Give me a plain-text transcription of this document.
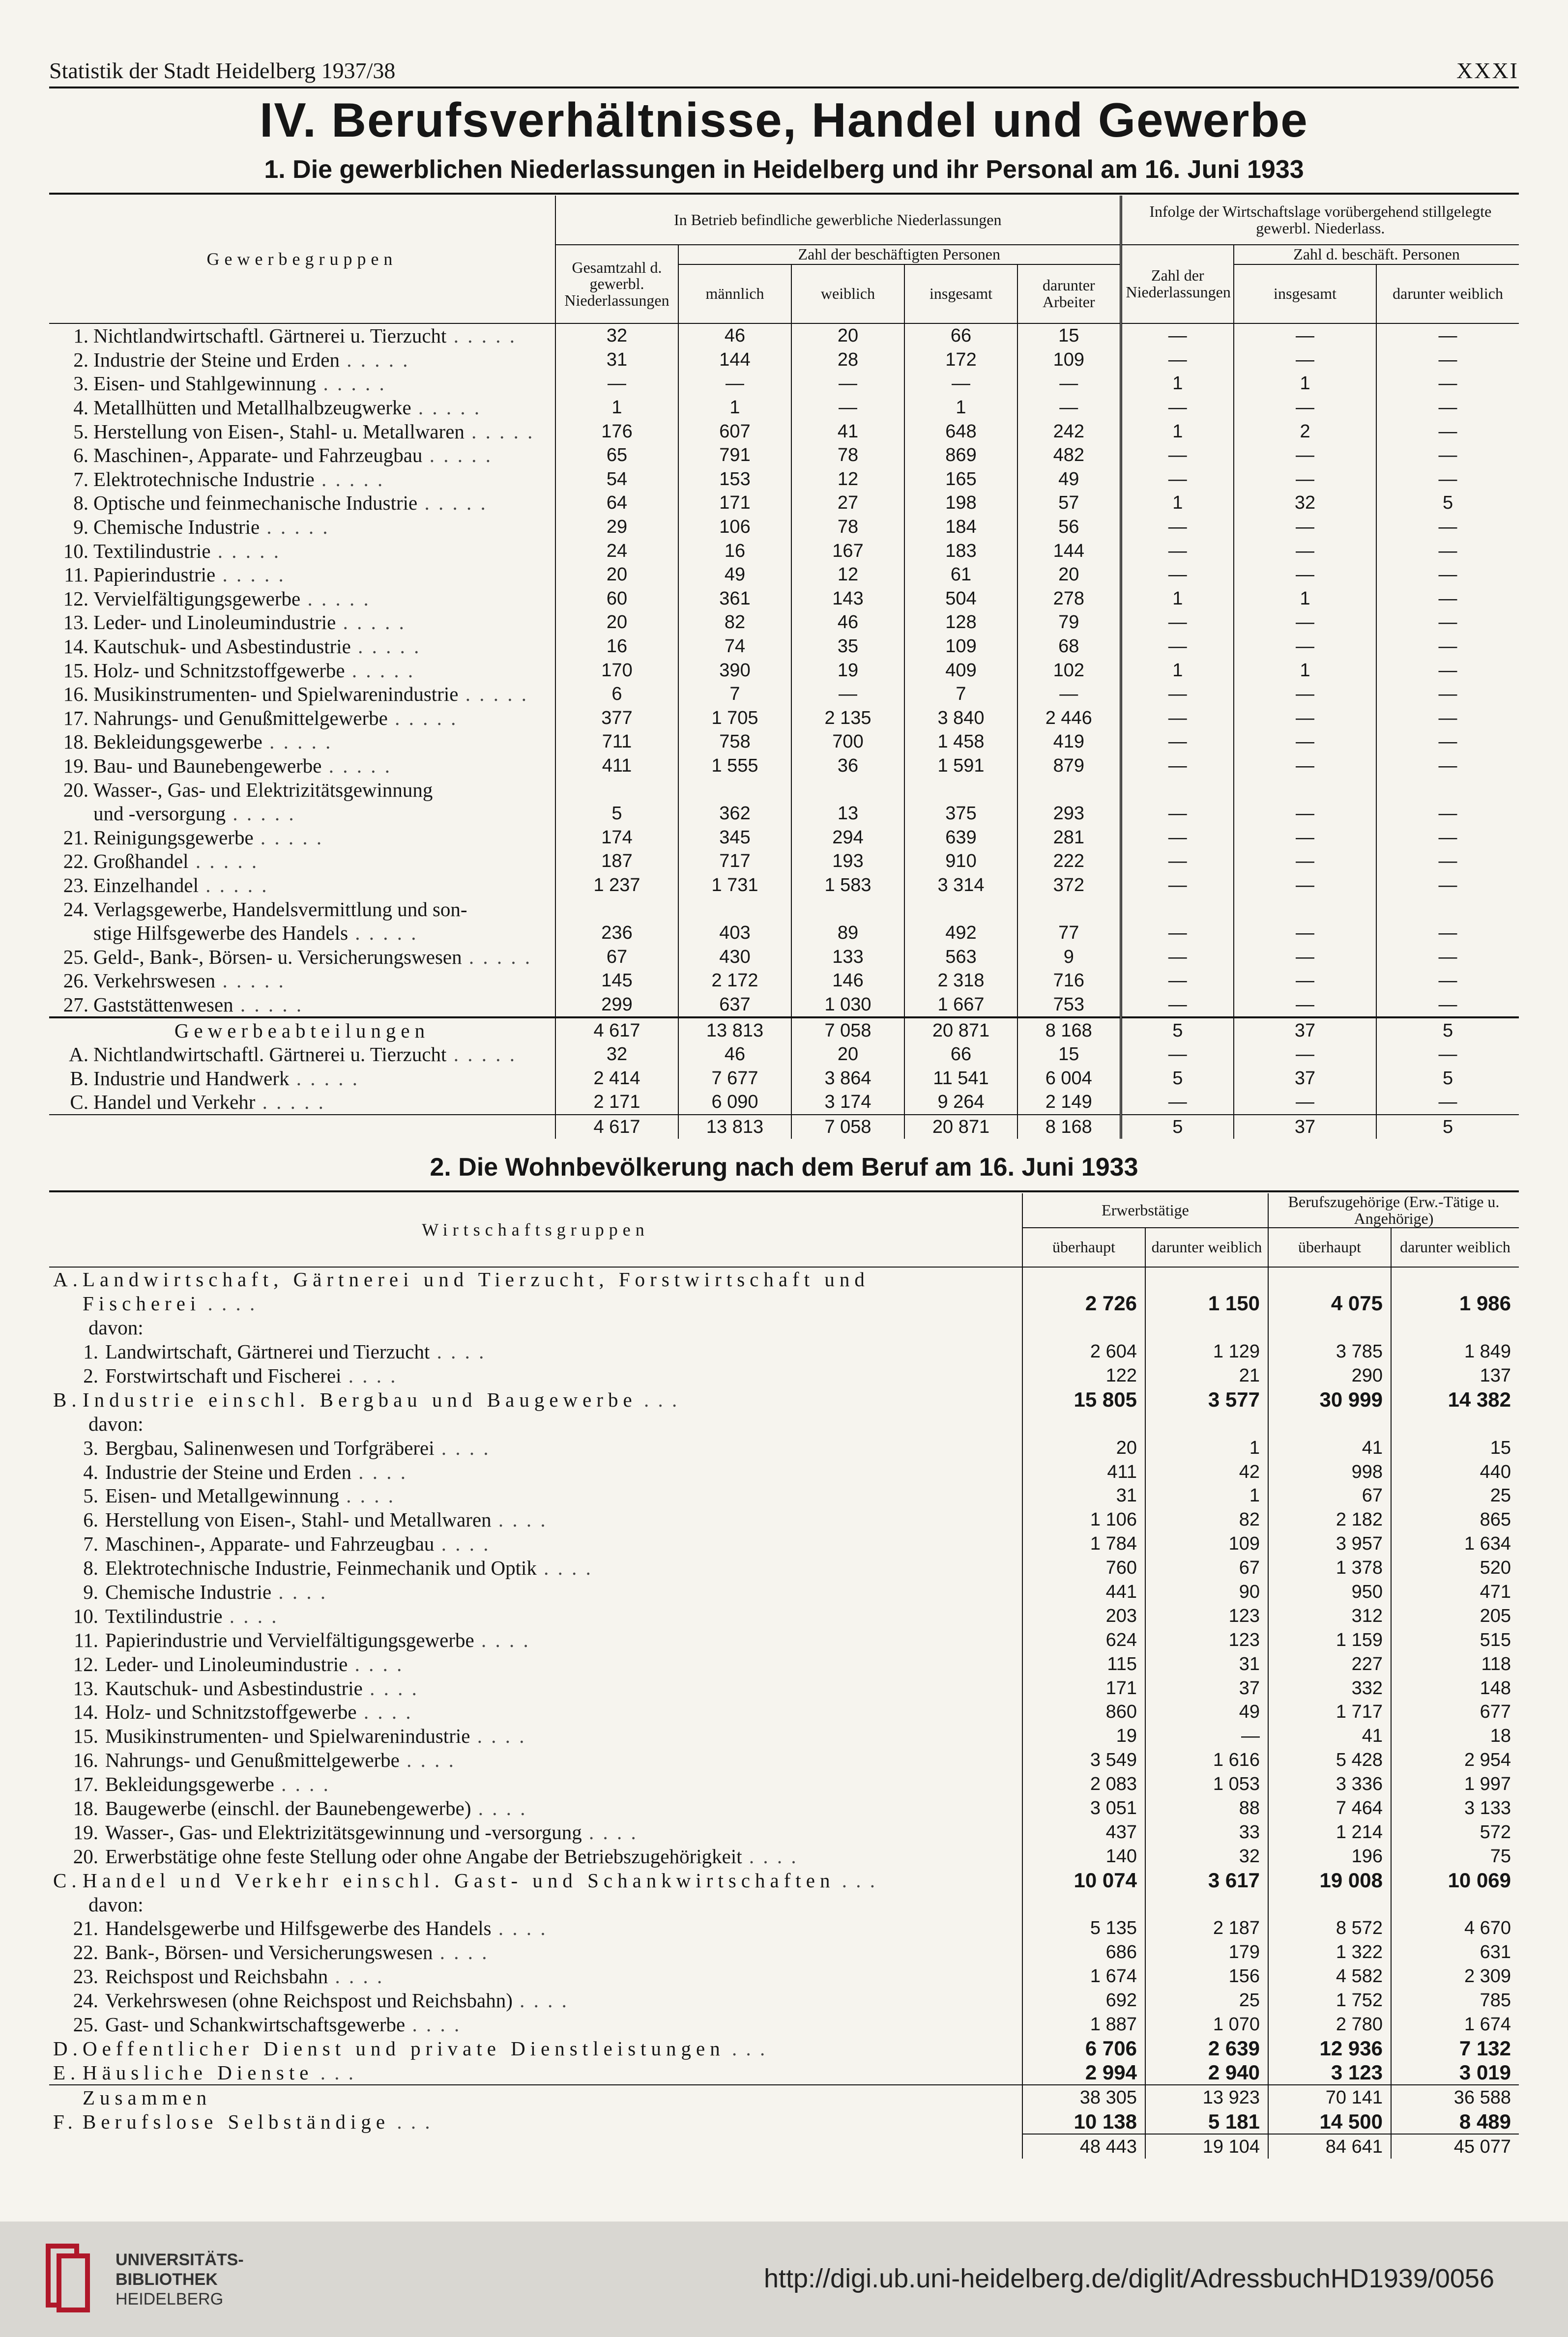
Statistik der Stadt Heidelberg 1937/38	XXXI
IV. Berufsverhältnisse, Handel und Gewerbe
1. Die gewerblichen Niederlassungen in Heidelberg und ihr Personal am 16. Juni 1933
Gewerbegruppen	In Betrieb befindliche gewerbliche Niederlassungen					Infolge der Wirtschaftslage vorübergehend stillgelegte gewerbl. Niederlass.		
	Gesamtzahl d. gewerbl. Niederlassungen	Zahl der beschäftigten Personen				Zahl der Niederlassungen	Zahl d. beschäft. Personen	
		männlich	weiblich	insgesamt	darunter Arbeiter		insgesamt	darunter weiblich
1. Nichtlandwirtschaftl. Gärtnerei u. Tierzucht . . . . .	32	46	20	66	15	—	—	—
2. Industrie der Steine und Erden . . . . .	31	144	28	172	109	—	—	—
3. Eisen- und Stahlgewinnung . . . . .	—	—	—	—	—	1	1	—
4. Metallhütten und Metallhalbzeugwerke . . . . .	1	1	—	1	—	—	—	—
5. Herstellung von Eisen-, Stahl- u. Metallwaren . . . . .	176	607	41	648	242	1	2	—
6. Maschinen-, Apparate- und Fahrzeugbau . . . . .	65	791	78	869	482	—	—	—
7. Elektrotechnische Industrie . . . . .	54	153	12	165	49	—	—	—
8. Optische und feinmechanische Industrie . . . . .	64	171	27	198	57	1	32	5
9. Chemische Industrie . . . . .	29	106	78	184	56	—	—	—
10. Textilindustrie . . . . .	24	16	167	183	144	—	—	—
11. Papierindustrie . . . . .	20	49	12	61	20	—	—	—
12. Vervielfältigungsgewerbe . . . . .	60	361	143	504	278	1	1	—
13. Leder- und Linoleumindustrie . . . . .	20	82	46	128	79	—	—	—
14. Kautschuk- und Asbestindustrie . . . . .	16	74	35	109	68	—	—	—
15. Holz- und Schnitzstoffgewerbe . . . . .	170	390	19	409	102	1	1	—
16. Musikinstrumenten- und Spielwarenindustrie . . . . .	6	7	—	7	—	—	—	—
17. Nahrungs- und Genußmittelgewerbe . . . . .	377	1 705	2 135	3 840	2 446	—	—	—
18. Bekleidungsgewerbe . . . . .	711	758	700	1 458	419	—	—	—
19. Bau- und Baunebengewerbe . . . . .	411	1 555	36	1 591	879	—	—	—
20. Wasser-, Gas- und Elektrizitätsgewinnung								
und -versorgung . . . . .	5	362	13	375	293	—	—	—
21. Reinigungsgewerbe . . . . .	174	345	294	639	281	—	—	—
22. Großhandel . . . . .	187	717	193	910	222	—	—	—
23. Einzelhandel . . . . .	1 237	1 731	1 583	3 314	372	—	—	—
24. Verlagsgewerbe, Handelsvermittlung und son-								
stige Hilfsgewerbe des Handels . . . . .	236	403	89	492	77	—	—	—
25. Geld-, Bank-, Börsen- u. Versicherungswesen . . . . .	67	430	133	563	9	—	—	—
26. Verkehrswesen . . . . .	145	2 172	146	2 318	716	—	—	—
27. Gaststättenwesen . . . . .	299	637	1 030	1 667	753	—	—	—
Gewerbeabteilungen	4 617	13 813	7 058	20 871	8 168	5	37	5
A. Nichtlandwirtschaftl. Gärtnerei u. Tierzucht . . . . .	32	46	20	66	15	—	—	—
B. Industrie und Handwerk . . . . .	2 414	7 677	3 864	11 541	6 004	5	37	5
C. Handel und Verkehr . . . . .	2 171	6 090	3 174	9 264	2 149	—	—	—
	4 617	13 813	7 058	20 871	8 168	5	37	5
2. Die Wohnbevölkerung nach dem Beruf am 16. Juni 1933
Wirtschaftsgruppen	Erwerbstätige		Berufszugehörige (Erw.-Tätige u. Angehörige)	
	überhaupt	darunter weiblich	überhaupt	darunter weiblich
A.Landwirtschaft, Gärtnerei und Tierzucht, Forstwirtschaft und				
Fischerei . . . .	2 726	1 150	4 075	1 986
davon:				
1. Landwirtschaft, Gärtnerei und Tierzucht . . . .	2 604	1 129	3 785	1 849
2. Forstwirtschaft und Fischerei . . . .	122	21	290	137
B.Industrie einschl. Bergbau und Baugewerbe . . .	15 805	3 577	30 999	14 382
davon:				
3. Bergbau, Salinenwesen und Torfgräberei . . . .	20	1	41	15
4. Industrie der Steine und Erden . . . .	411	42	998	440
5. Eisen- und Metallgewinnung . . . .	31	1	67	25
6. Herstellung von Eisen-, Stahl- und Metallwaren . . . .	1 106	82	2 182	865
7. Maschinen-, Apparate- und Fahrzeugbau . . . .	1 784	109	3 957	1 634
8. Elektrotechnische Industrie, Feinmechanik und Optik . . . .	760	67	1 378	520
9. Chemische Industrie . . . .	441	90	950	471
10. Textilindustrie . . . .	203	123	312	205
11. Papierindustrie und Vervielfältigungsgewerbe . . . .	624	123	1 159	515
12. Leder- und Linoleumindustrie . . . .	115	31	227	118
13. Kautschuk- und Asbestindustrie . . . .	171	37	332	148
14. Holz- und Schnitzstoffgewerbe . . . .	860	49	1 717	677
15. Musikinstrumenten- und Spielwarenindustrie . . . .	19	—	41	18
16. Nahrungs- und Genußmittelgewerbe . . . .	3 549	1 616	5 428	2 954
17. Bekleidungsgewerbe . . . .	2 083	1 053	3 336	1 997
18. Baugewerbe (einschl. der Baunebengewerbe) . . . .	3 051	88	7 464	3 133
19. Wasser-, Gas- und Elektrizitätsgewinnung und -versorgung . . . .	437	33	1 214	572
20. Erwerbstätige ohne feste Stellung oder ohne Angabe der Betriebszugehörigkeit . . . .	140	32	196	75
C.Handel und Verkehr einschl. Gast- und Schankwirtschaften . . .	10 074	3 617	19 008	10 069
davon:				
21. Handelsgewerbe und Hilfsgewerbe des Handels . . . .	5 135	2 187	8 572	4 670
22. Bank-, Börsen- und Versicherungswesen . . . .	686	179	1 322	631
23. Reichspost und Reichsbahn . . . .	1 674	156	4 582	2 309
24. Verkehrswesen (ohne Reichspost und Reichsbahn) . . . .	692	25	1 752	785
25. Gast- und Schankwirtschaftsgewerbe . . . .	1 887	1 070	2 780	1 674
D.Oeffentlicher Dienst und private Dienstleistungen . . .	6 706	2 639	12 936	7 132
E. Häusliche Dienste . . .	2 994	2 940	3 123	3 019
Zusammen	38 305	13 923	70 141	36 588
F. Berufslose Selbständige . . .	10 138	5 181	14 500	8 489
	48 443	19 104	84 641	45 077
UNIVERSITÄTS-
BIBLIOTHEK
HEIDELBERG
http://digi.ub.uni-heidelberg.de/diglit/AdressbuchHD1939/0056
